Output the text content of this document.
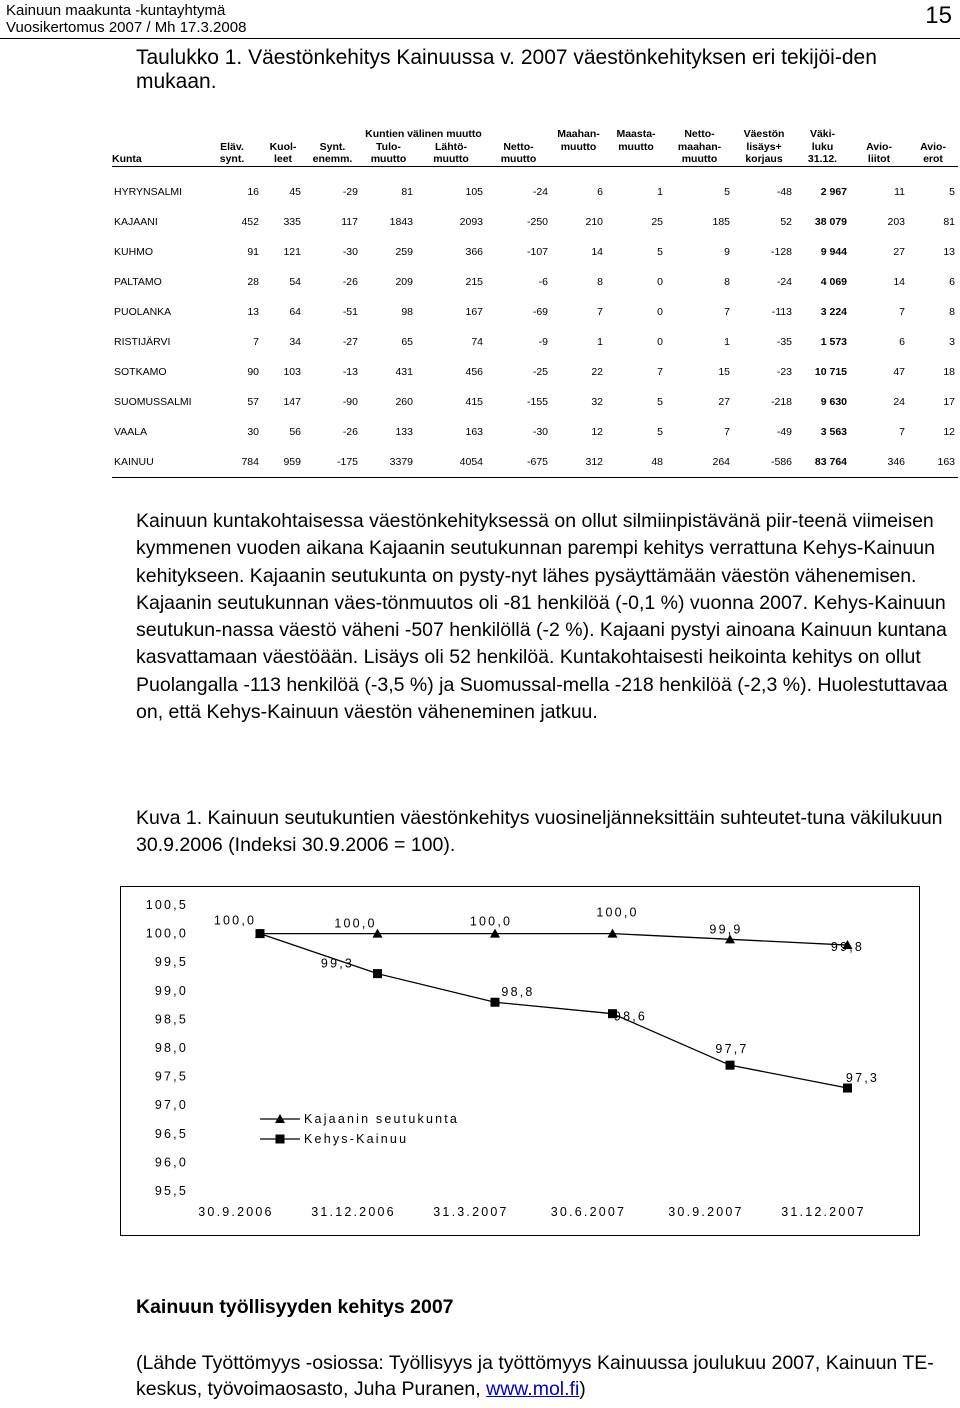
Kainuun maakunta -kuntayhtymä
Vuosikertomus 2007 / Mh 17.3.2008	15
Taulukko 1. Väestönkehitys Kainuussa v. 2007 väestönkehityksen eri tekijöi-den mukaan.
				Kuntien välinen muutto			Maahan-	Maasta-	Netto-	Väestön	Väki-		
	Eläv.	Kuol-	Synt.	Tulo-	Lähtö-	Netto-	muutto	muutto	maahan-	lisäys+	luku	Avio-	Avio-
Kunta	synt.	leet	enemm.	muutto	muutto	muutto			muutto	korjaus	31.12.	liitot	erot

HYRYNSALMI	16	45	-29	81	105	-24	6	1	5	-48	2 967	11	5
KAJAANI	452	335	117	1843	2093	-250	210	25	185	52	38 079	203	81
KUHMO	91	121	-30	259	366	-107	14	5	9	-128	9 944	27	13
PALTAMO	28	54	-26	209	215	-6	8	0	8	-24	4 069	14	6
PUOLANKA	13	64	-51	98	167	-69	7	0	7	-113	3 224	7	8
RISTIJÄRVI	7	34	-27	65	74	-9	1	0	1	-35	1 573	6	3
SOTKAMO	90	103	-13	431	456	-25	22	7	15	-23	10 715	47	18
SUOMUSSALMI	57	147	-90	260	415	-155	32	5	27	-218	9 630	24	17
VAALA	30	56	-26	133	163	-30	12	5	7	-49	3 563	7	12
KAINUU	784	959	-175	3379	4054	-675	312	48	264	-586	83 764	346	163

Kainuun kuntakohtaisessa väestönkehityksessä on ollut silmiinpistävänä piir-teenä viimeisen kymmenen vuoden aikana Kajaanin seutukunnan parempi kehitys verrattuna Kehys-Kainuun kehitykseen. Kajaanin seutukunta on pysty-nyt lähes pysäyttämään väestön vähenemisen. Kajaanin seutukunnan väes-tönmuutos oli -81 henkilöä (-0,1 %) vuonna 2007. Kehys-Kainuun seutukun-nassa väestö väheni -507 henkilöllä (-2 %). Kajaani pystyi ainoana Kainuun kuntana kasvattamaan väestöään. Lisäys oli 52 henkilöä. Kuntakohtaisesti heikointa kehitys on ollut Puolangalla -113 henkilöä (-3,5 %) ja Suomussal-mella -218 henkilöä (-2,3 %). Huolestuttavaa on, että Kehys-Kainuun väestön väheneminen jatkuu.

Kuva 1. Kainuun seutukuntien väestönkehitys vuosineljänneksittäin suhteutet-tuna väkilukuun 30.9.2006 (Indeksi 30.9.2006 = 100).

100,5
100,0
99,5
99,0
98,5
98,0
97,5
97,0
96,5
96,0
95,5
30.9.2006	31.12.2006	31.3.2007	30.6.2007	30.9.2007	31.12.2007
100,0	100,0	100,0
100,0
99,9
99,8
99,3
98,8
98,6
97,7
97,3
Kajaanin seutukunta
Kehys-Kainuu
Kainuun työllisyyden kehitys 2007

(Lähde Työttömyys -osiossa: Työllisyys ja työttömyys Kainuussa joulukuu 2007, Kainuun TE-keskus, työvoimaosasto, Juha Puranen, www.mol.fi)
